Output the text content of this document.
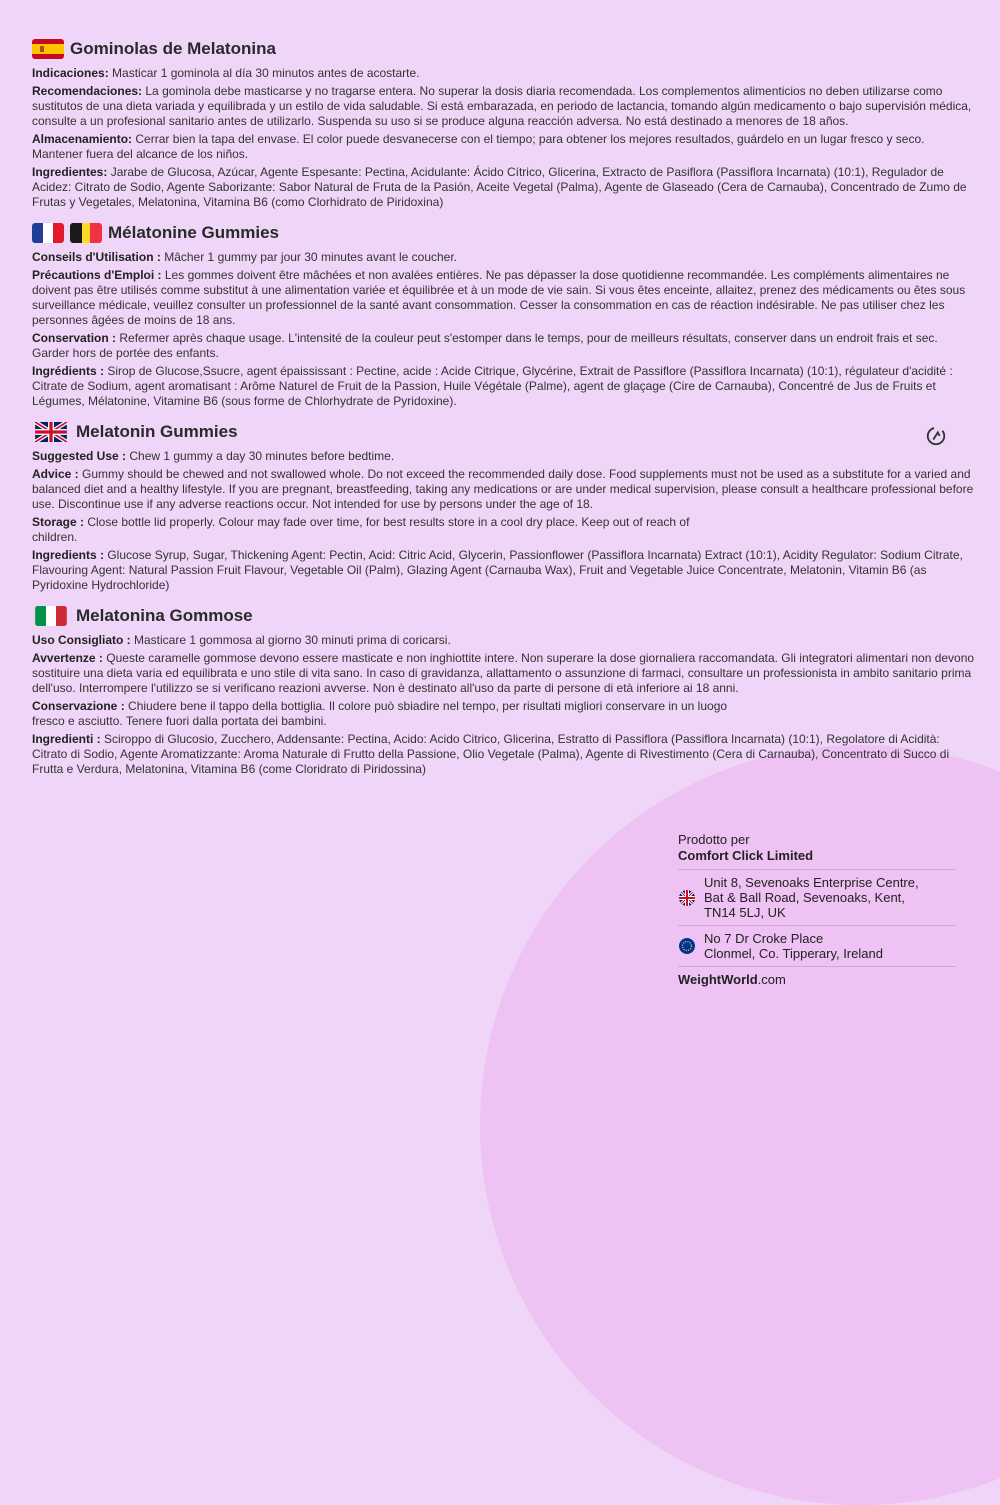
Gominolas de Melatonina

Indicaciones: Masticar 1 gominola al día 30 minutos antes de acostarte.

Recomendaciones: La gominola debe masticarse y no tragarse entera. No superar la dosis diaria recomendada. Los complementos alimenticios no deben utilizarse como sustitutos de una dieta variada y equilibrada y un estilo de vida saludable. Si está embarazada, en periodo de lactancia, tomando algún medicamento o bajo supervisión médica, consulte a un profesional sanitario antes de utilizarlo. Suspenda su uso si se produce alguna reacción adversa. No está destinado a menores de 18 años.

Almacenamiento: Cerrar bien la tapa del envase. El color puede desvanecerse con el tiempo; para obtener los mejores resultados, guárdelo en un lugar fresco y seco. Mantener fuera del alcance de los niños.

Ingredientes: Jarabe de Glucosa, Azúcar, Agente Espesante: Pectina, Acidulante: Ácido Cítrico, Glicerina, Extracto de Pasiflora (Passiflora Incarnata) (10:1), Regulador de Acidez: Citrato de Sodio, Agente Saborizante: Sabor Natural de Fruta de la Pasión, Aceite Vegetal (Palma), Agente de Glaseado (Cera de Carnauba), Concentrado de Zumo de Frutas y Vegetales, Melatonina, Vitamina B6 (como Clorhidrato de Piridoxina)

Mélatonine Gummies

Conseils d'Utilisation : Mâcher 1 gummy par jour 30 minutes avant le coucher.

Précautions d'Emploi : Les gommes doivent être mâchées et non avalées entières. Ne pas dépasser la dose quotidienne recommandée. Les compléments alimentaires ne doivent pas être utilisés comme substitut à une alimentation variée et équilibrée et à un mode de vie sain. Si vous êtes enceinte, allaitez, prenez des médicaments ou êtes sous surveillance médicale, veuillez consulter un professionnel de la santé avant consommation. Cesser la consommation en cas de réaction indésirable. Ne pas utiliser chez les personnes âgées de moins de 18 ans.

Conservation : Refermer après chaque usage. L'intensité de la couleur peut s'estomper dans le temps, pour de meilleurs résultats, conserver dans un endroit frais et sec. Garder hors de portée des enfants.

Ingrédients : Sirop de Glucose,Ssucre, agent épaississant : Pectine, acide : Acide Citrique, Glycérine, Extrait de Passiflore (Passiflora Incarnata) (10:1), régulateur d'acidité : Citrate de Sodium, agent aromatisant : Arôme Naturel de Fruit de la Passion, Huile Végétale (Palme), agent de glaçage (Cire de Carnauba), Concentré de Jus de Fruits et Légumes, Mélatonine, Vitamine B6 (sous forme de Chlorhydrate de Pyridoxine).

Melatonin Gummies

Suggested Use : Chew 1 gummy a day 30 minutes before bedtime.

Advice : Gummy should be chewed and not swallowed whole. Do not exceed the recommended daily dose. Food supplements must not be used as a substitute for a varied and balanced diet and a healthy lifestyle. If you are pregnant, breastfeeding, taking any medications or are under medical supervision, please consult a healthcare professional before use. Discontinue use if any adverse reactions occur. Not intended for use by persons under the age of 18.

Storage : Close bottle lid properly. Colour may fade over time, for best results store in a cool dry place. Keep out of reach of children.

Ingredients : Glucose Syrup, Sugar, Thickening Agent: Pectin, Acid: Citric Acid, Glycerin, Passionflower (Passiflora Incarnata) Extract (10:1), Acidity Regulator: Sodium Citrate, Flavouring Agent: Natural Passion Fruit Flavour, Vegetable Oil (Palm), Glazing Agent (Carnauba Wax), Fruit and Vegetable Juice Concentrate, Melatonin, Vitamin B6 (as Pyridoxine Hydrochloride)

Melatonina Gommose

Uso Consigliato : Masticare 1 gommosa al giorno 30 minuti prima di coricarsi.

Avvertenze : Queste caramelle gommose devono essere masticate e non inghiottite intere. Non superare la dose giornaliera raccomandata. Gli integratori alimentari non devono sostituire una dieta varia ed equilibrata e uno stile di vita sano. In caso di gravidanza, allattamento o assunzione di farmaci, consultare un professionista in ambito sanitario prima dell'uso. Interrompere l'utilizzo se si verificano reazioni avverse. Non è destinato all'uso da parte di persone di età inferiore ai 18 anni.

Conservazione : Chiudere bene il tappo della bottiglia. Il colore può sbiadire nel tempo, per risultati migliori conservare in un luogo fresco e asciutto. Tenere fuori dalla portata dei bambini.

Ingredienti : Sciroppo di Glucosio, Zucchero, Addensante: Pectina, Acido: Acido Citrico, Glicerina, Estratto di Passiflora (Passiflora Incarnata) (10:1), Regolatore di Acidità: Citrato di Sodio, Agente Aromatizzante: Aroma Naturale di Frutto della Passione, Olio Vegetale (Palma), Agente di Rivestimento (Cera di Carnauba), Concentrato di Succo di Frutta e Verdura, Melatonina, Vitamina B6 (come Cloridrato di Piridossina)

Prodotto per
Comfort Click Limited
Unit 8, Sevenoaks Enterprise Centre,
Bat & Ball Road, Sevenoaks, Kent,
TN14 5LJ, UK
No 7 Dr Croke Place
Clonmel, Co. Tipperary, Ireland
WeightWorld.com
